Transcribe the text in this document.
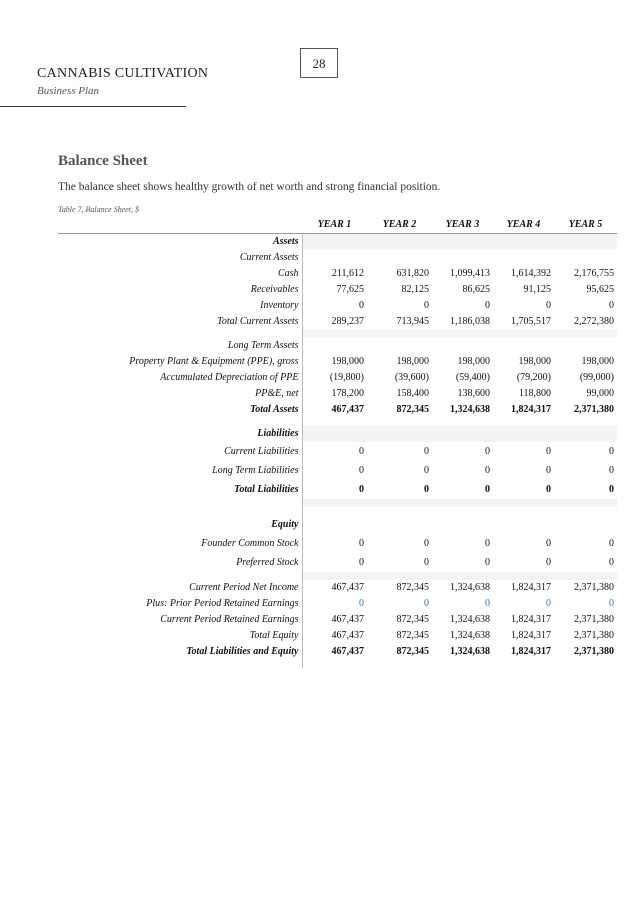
28
CANNABIS CULTIVATION
Business Plan
Balance Sheet
The balance sheet shows healthy growth of net worth and strong financial position.
Table 7, Balance Sheet, $
	YEAR 1	YEAR 2	YEAR 3	YEAR 4	YEAR 5
Assets					
Current Assets					
Cash	211,612	631,820	1,099,413	1,614,392	2,176,755
Receivables	77,625	82,125	86,625	91,125	95,625
Inventory	0	0	0	0	0
Total Current Assets	289,237	713,945	1,186,038	1,705,517	2,272,380

Long Term Assets					
Property Plant & Equipment (PPE), gross	198,000	198,000	198,000	198,000	198,000
Accumulated Depreciation of PPE	(19,800)	(39,600)	(59,400)	(79,200)	(99,000)
PP&E, net	178,200	158,400	138,600	118,800	99,000
Total Assets	467,437	872,345	1,324,638	1,824,317	2,371,380

Liabilities					
Current Liabilities	0	0	0	0	0
Long Term Liabilities	0	0	0	0	0
Total Liabilities	0	0	0	0	0

Equity					
Founder Common Stock	0	0	0	0	0
Preferred Stock	0	0	0	0	0

Current Period Net Income	467,437	872,345	1,324,638	1,824,317	2,371,380
Plus: Prior Period Retained Earnings	0	0	0	0	0
Current Period Retained Earnings	467,437	872,345	1,324,638	1,824,317	2,371,380
Total Equity	467,437	872,345	1,324,638	1,824,317	2,371,380
Total Liabilities and Equity	467,437	872,345	1,324,638	1,824,317	2,371,380
